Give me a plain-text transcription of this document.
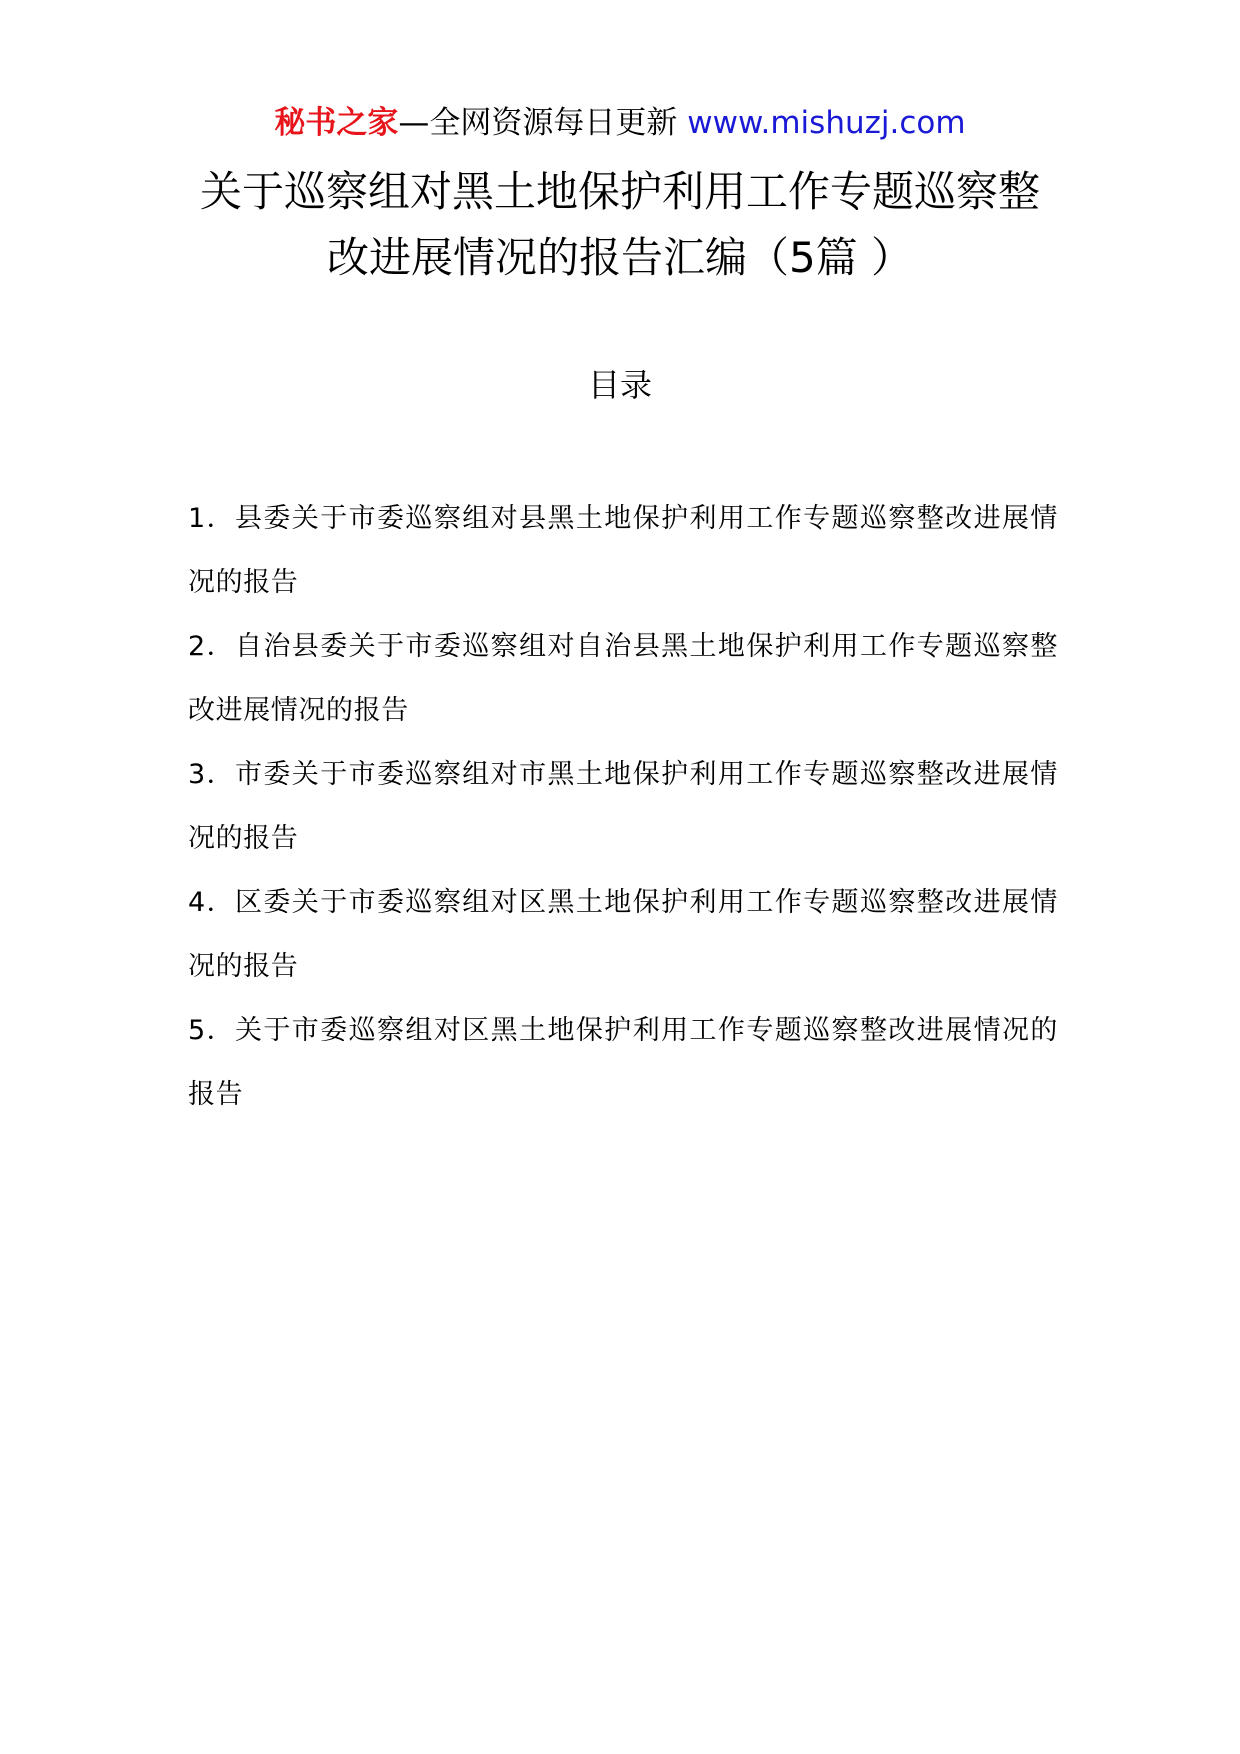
秘书之家—全网资源每日更新 www.mishuzj.com
关于巡察组对黑土地保护利用工作专题巡察整
改进展情况的报告汇编（5篇 ）
目录
1．县委关于市委巡察组对县黑土地保护利用工作专题巡察整改进展情况的报告
2．自治县委关于市委巡察组对自治县黑土地保护利用工作专题巡察整改进展情况的报告
3．市委关于市委巡察组对市黑土地保护利用工作专题巡察整改进展情况的报告
4．区委关于市委巡察组对区黑土地保护利用工作专题巡察整改进展情况的报告
5．关于市委巡察组对区黑土地保护利用工作专题巡察整改进展情况的报告
